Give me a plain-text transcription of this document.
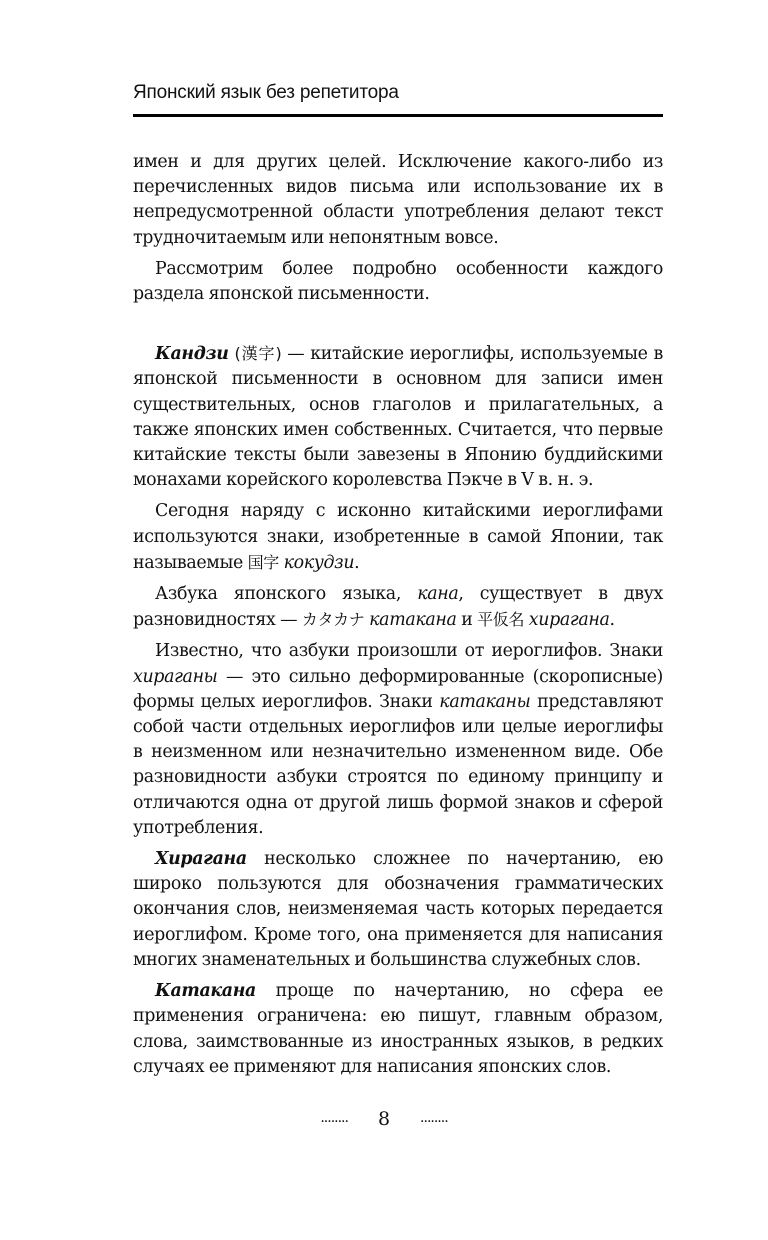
Японский язык без репетитора

имен и для других целей. Исключение какого-либо из перечисленных видов письма или использование их в непредусмотренной области употребления делают текст трудночитаемым или непонятным вовсе.

Рассмотрим более подробно особенности каждого раздела японской письменности.

Кандзи (漢字) — китайские иероглифы, используемые в японской письменности в основном для записи имен существительных, основ глаголов и прилагательных, а также японских имен собственных. Считается, что первые китайские тексты были завезены в Японию буддийскими монахами корейского королевства Пэкче в V в. н. э.

Сегодня наряду с исконно китайскими иероглифами используются знаки, изобретенные в самой Японии, так называемые 国字 кокудзи.

Азбука японского языка, кана, существует в двух разновидностях — カタカナ катакана и 平仮名 хирагана.

Известно, что азбуки произошли от иероглифов. Знаки хираганы — это сильно деформированные (скорописные) формы целых иероглифов. Знаки катаканы представляют собой части отдельных иероглифов или целые иероглифы в неизменном или незначительно измененном виде. Обе разновидности азбуки строятся по единому принципу и отличаются одна от другой лишь формой знаков и сферой употребления.

Хирагана несколько сложнее по начертанию, ею широко пользуются для обозначения грамматических окончания слов, неизменяемая часть которых передается иероглифом. Кроме того, она применяется для написания многих знаменательных и большинства служебных слов.

Катакана проще по начертанию, но сфера ее применения ограничена: ею пишут, главным образом, слова, заимствованные из иностранных языков, в редких случаях ее применяют для написания японских слов.

........ 8 ........
